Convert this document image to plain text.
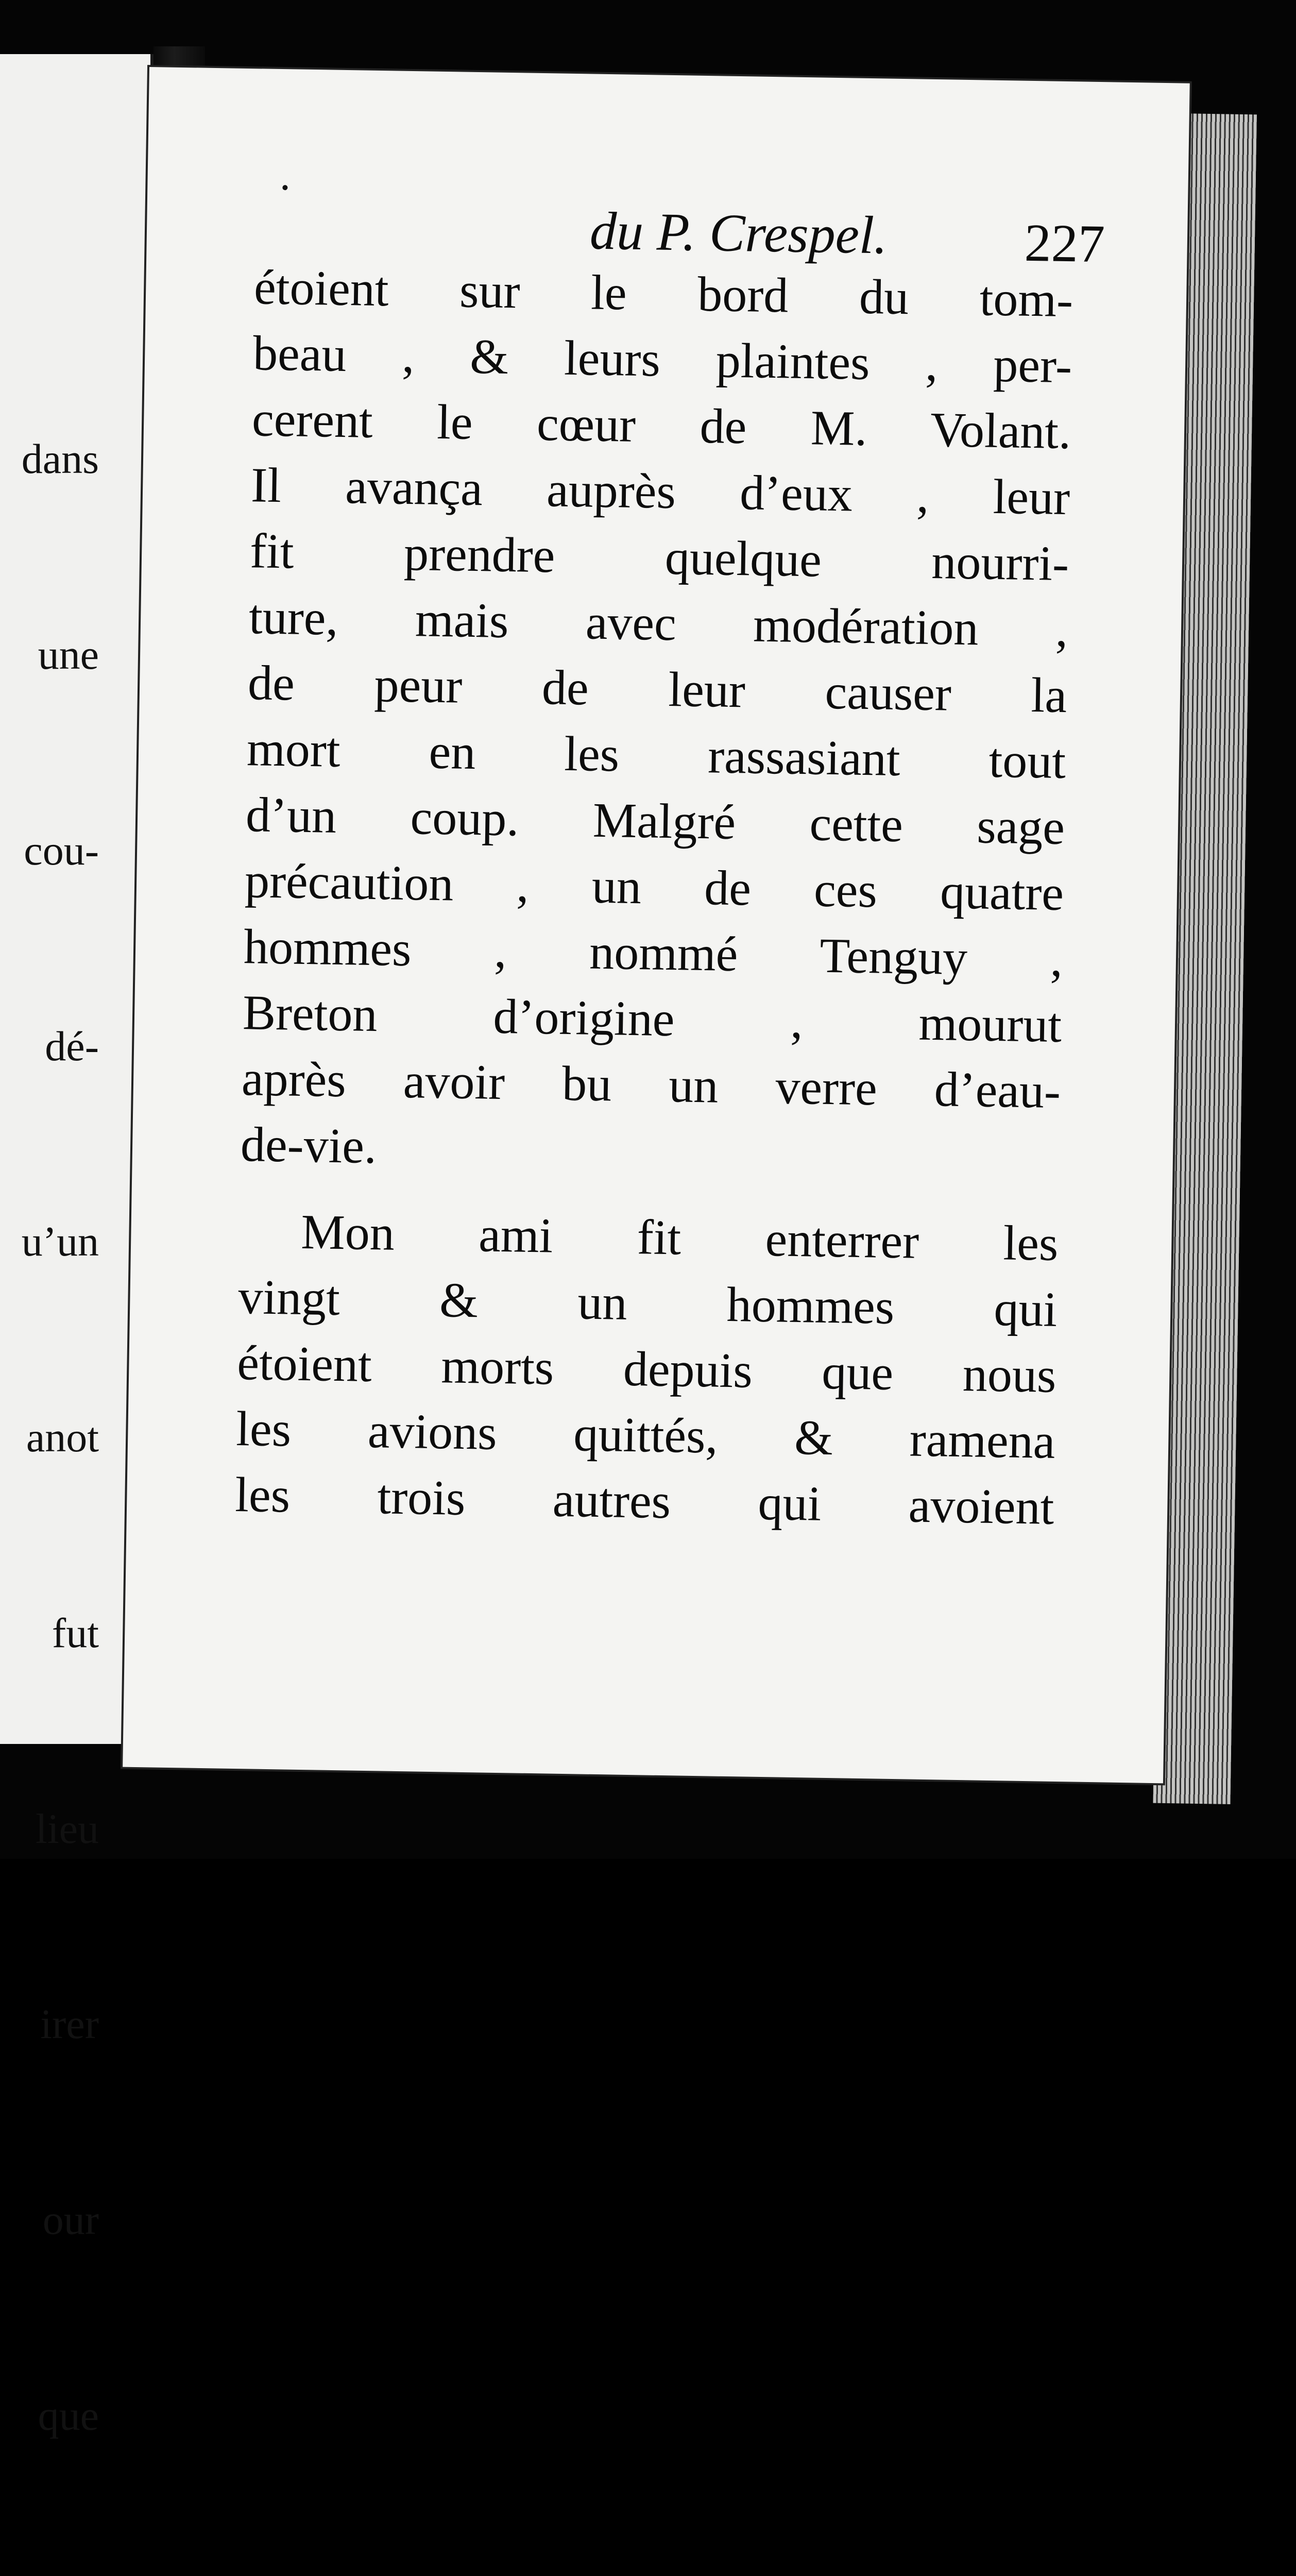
dans

une

cou-

dé-

u’un

anot

fut

lieu

irer

our

que

du P. Crespel.	227
étoient sur le bord du tom-
beau , & leurs plaintes , per-
cerent le cœur de M. Volant.
Il avança auprès d’eux , leur
fit prendre quelque nourri-
ture, mais avec modération ,
de peur de leur causer la
mort en les rassasiant tout
d’un coup. Malgré cette sage
précaution , un de ces quatre
hommes , nommé Tenguy ,
Breton d’origine , mourut
après avoir bu un verre d’eau-
de-vie.
Mon ami fit enterrer les
vingt & un hommes qui
étoient morts depuis que nous
les avions quittés, & ramena
les trois autres qui avoient
